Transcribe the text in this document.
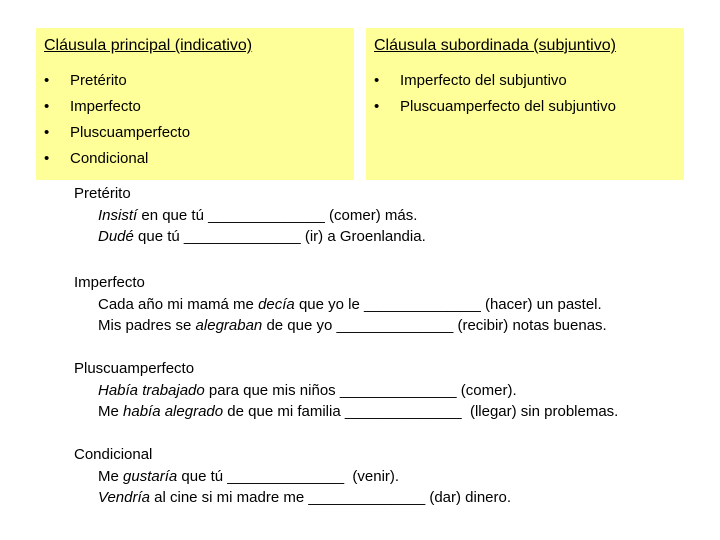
Cláusula principal (indicativo)
•	Pretérito
•	Imperfecto
•	Pluscuamperfecto
•	Condicional
Cláusula subordinada (subjuntivo)
•	Imperfecto del subjuntivo
•	Pluscuamperfecto del subjuntivo

Pretérito

Insistí en que tú ______________ (comer) más.

Dudé que tú ______________ (ir) a Groenlandia.

Imperfecto

Cada año mi mamá me decía que yo le ______________ (hacer) un pastel.

Mis padres se alegraban de que yo ______________ (recibir) notas buenas.

Pluscuamperfecto

Había trabajado para que mis niños ______________ (comer).

Me había alegrado de que mi familia ______________  (llegar) sin problemas.

Condicional

Me gustaría que tú ______________  (venir).

Vendría al cine si mi madre me ______________ (dar) dinero.
